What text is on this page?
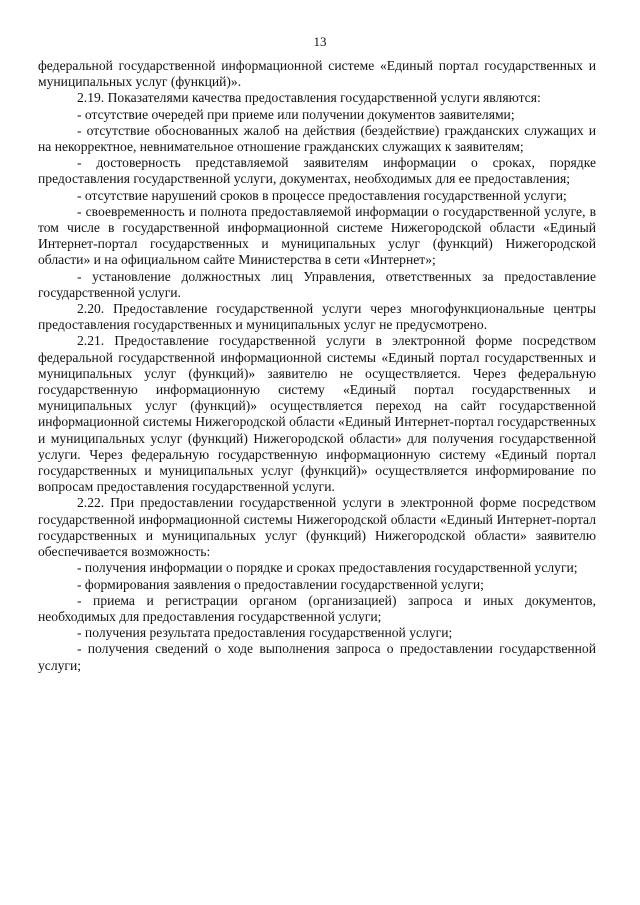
13

федеральной государственной информационной системе «Единый портал государственных и муниципальных услуг (функций)».

2.19. Показателями качества предоставления государственной услуги являются:

- отсутствие очередей при приеме или получении документов заявителями;

- отсутствие обоснованных жалоб на действия (бездействие) гражданских служащих и на некорректное, невнимательное отношение гражданских служащих к заявителям;

- достоверность представляемой заявителям информации о сроках, порядке предоставления государственной услуги, документах, необходимых для ее предоставления;

- отсутствие нарушений сроков в процессе предоставления государственной услуги;

- своевременность и полнота предоставляемой информации о государственной услуге, в том числе в государственной информационной системе Нижегородской области «Единый Интернет-портал государственных и муниципальных услуг (функций) Нижегородской области» и на официальном сайте Министерства в сети «Интернет»;

- установление должностных лиц Управления, ответственных за предоставление государственной услуги.

2.20. Предоставление государственной услуги через многофункциональные центры предоставления государственных и муниципальных услуг не предусмотрено.

2.21. Предоставление государственной услуги в электронной форме посредством федеральной государственной информационной системы «Единый портал государственных и муниципальных услуг (функций)» заявителю не осуществляется. Через федеральную государственную информационную систему «Единый портал государственных и муниципальных услуг (функций)» осуществляется переход на сайт государственной информационной системы Нижегородской области «Единый Интернет-портал государственных и муниципальных услуг (функций) Нижегородской области» для получения государственной услуги. Через федеральную государственную информационную систему «Единый портал государственных и муниципальных услуг (функций)» осуществляется информирование по вопросам предоставления государственной услуги.

2.22. При предоставлении государственной услуги в электронной форме посредством государственной информационной системы Нижегородской области «Единый Интернет-портал государственных и муниципальных услуг (функций) Нижегородской области» заявителю обеспечивается возможность:

- получения информации о порядке и сроках предоставления государственной услуги;

- формирования заявления о предоставлении государственной услуги;

- приема и регистрации органом (организацией) запроса и иных документов, необходимых для предоставления государственной услуги;

- получения результата предоставления государственной услуги;

- получения сведений о ходе выполнения запроса о предоставлении государственной услуги;
